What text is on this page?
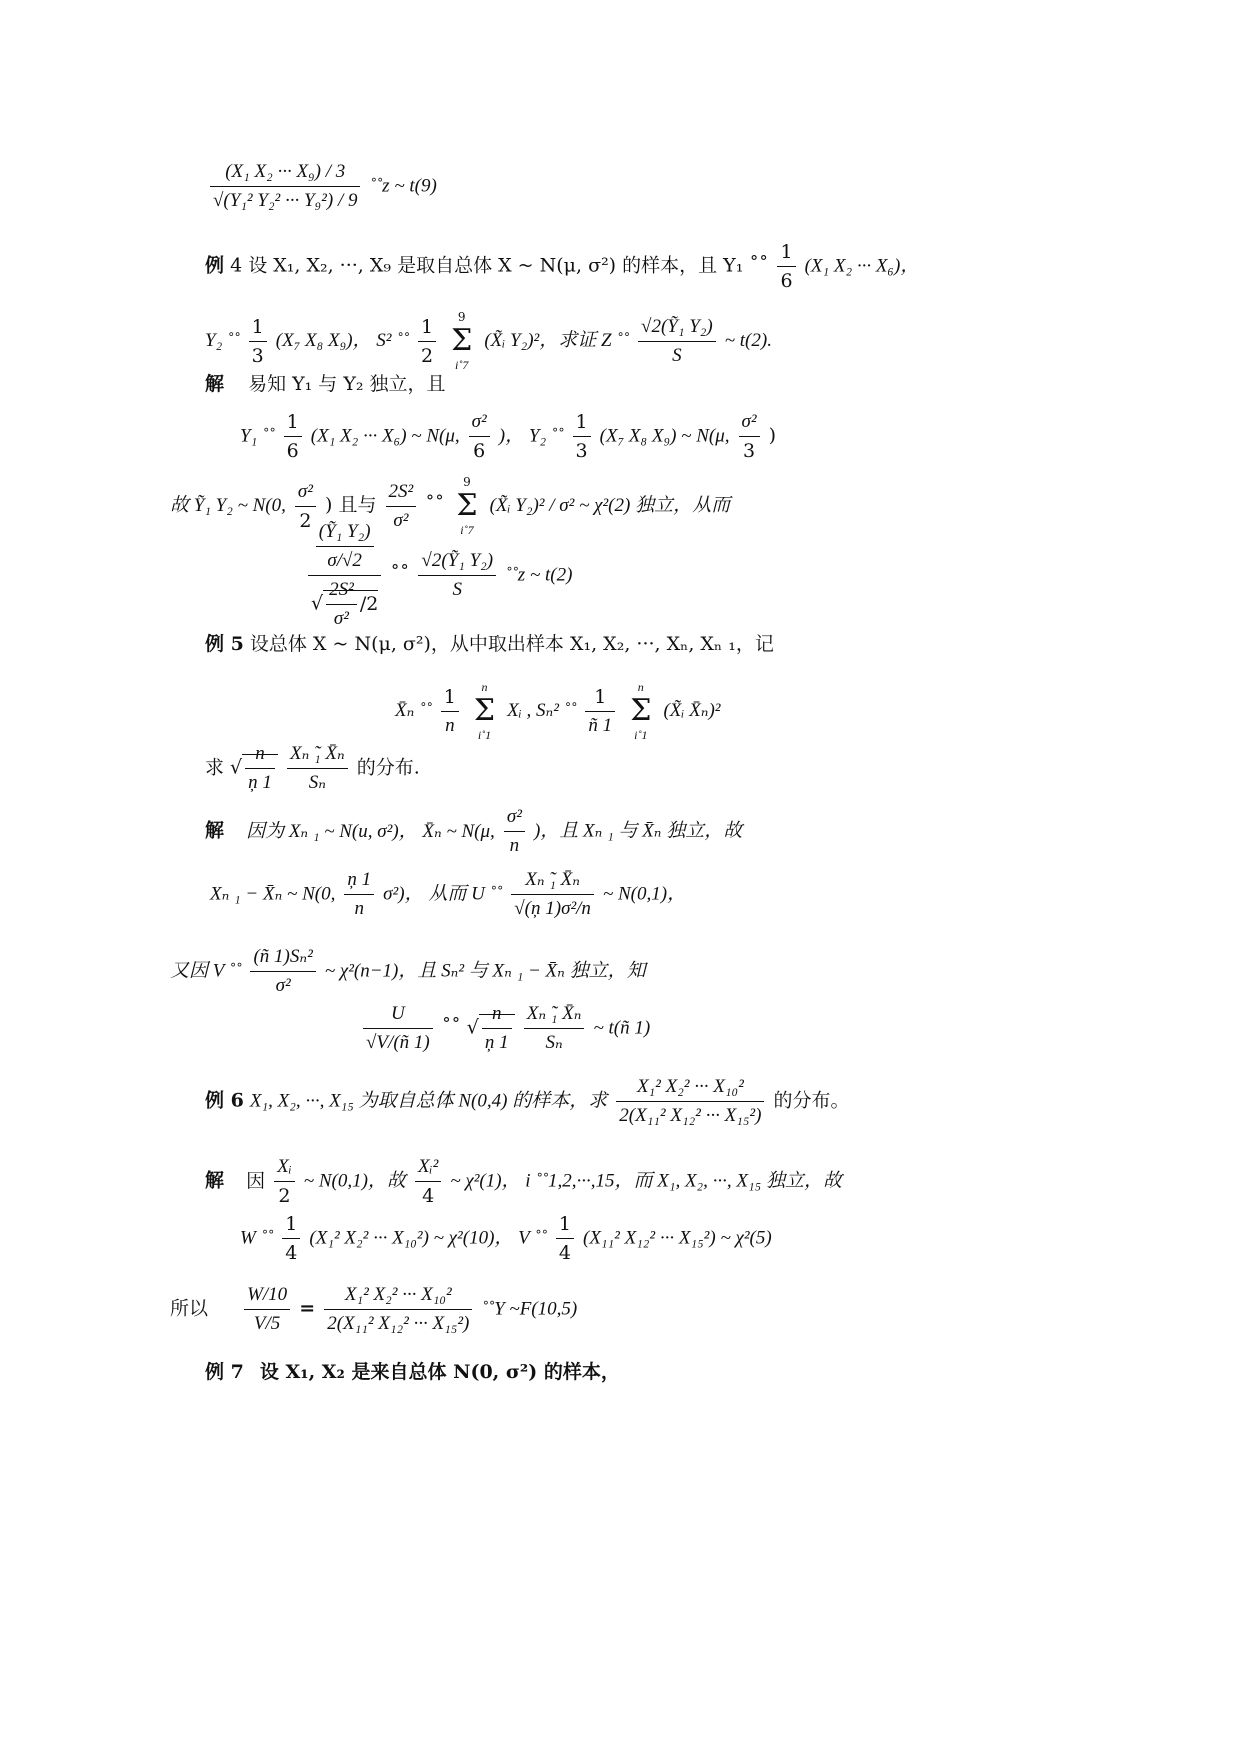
$\frac{\text{(X₁ X₂ ··· X₉) / 3}}{\text{√(Y₁² Y₂² ··· Y₉²) / 9}}$ ˚˚z ~ t(9)
例 4 设 X₁, X₂, ···, X₉ 是取自总体 X ~ N(μ, σ²) 的样本，且 Y₁ ˚˚ $\frac{1}{6} (X_1$ X₂ ··· X₆)，
Y₂ ˚˚ $\frac{1}{3} (X_7$ X₈ X₉)， S² ˚˚ $\frac{1}{2}$
	9
Σ
i˚7
(X̃ᵢ Y₂)²，求证 Z ˚˚ $\frac{\text{√2(Ỹ₁ Y₂)}}{S}$ ~ t(2).
解 易知 Y₁ 与 Y₂ 独立，且
Y₁ ˚˚ $\frac{1}{6} (X_1$ X₂ ··· X₆) ~ N(μ, $\frac{\text{σ²}}{6}$ )， Y₂ ˚˚ $\frac{1}{3} (X_7$ X₈ X₉) ~ N(μ, $\frac{\text{σ²}}{3}$ )
故 Ỹ₁ Y₂ ~ N(0, $\frac{\text{σ²}}{2}$ ) 且与 $\frac{\text{2S²}}{\text{σ²}}$ ˚˚
9
Σ
i˚7
(X̃ᵢ Y₂)² / σ² ~ χ²(2) 独立，从而
$\frac{\frac{\text{(Ỹ₁ Y₂)}}{\sigma/√2}}{√ \frac{\text{2S²}}{\text{σ²}} /2}$ ˚˚ $\frac{\text{√2(Ỹ₁ Y₂)}}{S}$ ˚˚z ~ t(2)
例 5 设总体 X ~ N(μ, σ²)，从中取出样本 X₁, X₂, ···, Xₙ, Xₙ ₁，记
X̄ₙ ˚˚ $\frac{1}{n}$
	n
Σ
i˚1
Xᵢ , Sₙ² ˚˚ $\frac{1}{ñ 1}$
	n
Σ
i˚1
(X̃ᵢ X̄ₙ)²
求 √ $\frac{n}{ņ 1}$
$\frac{\text{Xₙ ̃₁ X̄ₙ}}{\text{Sₙ}}$ 的分布.
解 因为 Xₙ ₁ ~ N(u, σ²)， X̄ₙ ~ N(μ, $\frac{\text{σ²}}{n}$ )，且 Xₙ ₁ 与 X̄ₙ 独立，故
Xₙ ₁ − X̄ₙ ~ N(0, $\frac{ņ 1}{n} \sigma^2$)， 从而 U ˚˚ $\frac{\text{Xₙ ̃₁ X̄ₙ}}{\text{√(ņ 1)σ²/n}}$ ~ N(0,1)，
又因 V ˚˚ $\frac{\text{(ñ 1)Sₙ²}}{\text{σ²}}$ ~ χ²(n−1)，且 Sₙ² 与 Xₙ ₁ − X̄ₙ 独立，知
$\frac{U}{√V/(ñ 1)}$ ˚˚ √ $\frac{n}{ņ 1}$
$\frac{\text{Xₙ ̃₁ X̄ₙ}}{\text{Sₙ}}$ ~ t(ñ 1)
例 6 X₁, X₂, ···, X₁₅ 为取自总体 N(0,4) 的样本，求 $\frac{\text{X₁² X₂² ··· X₁₀²}}{\text{2(X₁₁² X₁₂² ··· X₁₅²)}}$ 的分布。
解 因 $\frac{\text{Xᵢ}}{2}$ ~ N(0,1)，故 $\frac{\text{Xᵢ²}}{4}$ ~ χ²(1)， i ˚˚1,2,···,15，而 X₁, X₂, ···, X₁₅ 独立，故
W ˚˚ $\frac{1}{4} (X_1^2$ X₂² ··· X₁₀²) ~ χ²(10)， V ˚˚ $\frac{1}{4} (X_{11}^2$ X₁₂² ··· X₁₅²) ~ χ²(5)
所以 $\frac{W/10}{V/5} = \frac{\text{X₁² X₂² ··· X₁₀²}}{\text{2(X₁₁² X₁₂² ··· X₁₅²)}}$ ˚˚Y ~F(10,5)
例 7 设 X₁, X₂ 是来自总体 N(0, σ²) 的样本，
